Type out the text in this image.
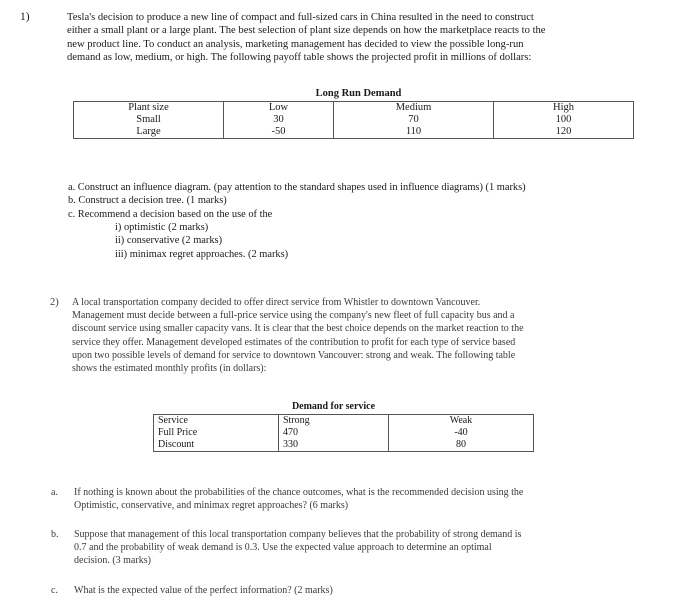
1)	Tesla's decision to produce a new line of compact and full-sized cars in China resulted in the need to construct
either a small plant or a large plant. The best selection of plant size depends on how the marketplace reacts to the
new product line. To conduct an analysis, marketing management has decided to view the possible long-run
demand as low, medium, or high. The following payoff table shows the projected profit in millions of dollars:
	Long Run Demand		
Plant size	Low	Medium	High
Small	30	70	100
Large	-50	110	120
a. Construct an influence diagram. (pay attention to the standard shapes used in influence diagrams) (1 marks)
b. Construct a decision tree. (1 marks)
c. Recommend a decision based on the use of the
i) optimistic (2 marks)
ii) conservative (2 marks)
iii) minimax regret approaches. (2 marks)
2) A local transportation company decided to offer direct service from Whistler to downtown Vancouver.
Management must decide between a full-price service using the company's new fleet of full capacity bus and a
discount service using smaller capacity vans. It is clear that the best choice depends on the market reaction to the
service they offer. Management developed estimates of the contribution to profit for each type of service based
upon two possible levels of demand for service to downtown Vancouver: strong and weak. The following table
shows the estimated monthly profits (in dollars):
	Demand for service	
Service	Strong	Weak
Full Price	470	-40
Discount	330	80
a. If nothing is known about the probabilities of the chance outcomes, what is the recommended decision using the
Optimistic, conservative, and minimax regret approaches? (6 marks)
b. Suppose that management of this local transportation company believes that the probability of strong demand is
0.7 and the probability of weak demand is 0.3. Use the expected value approach to determine an optimal
decision. (3 marks)
c. What is the expected value of the perfect information? (2 marks)
